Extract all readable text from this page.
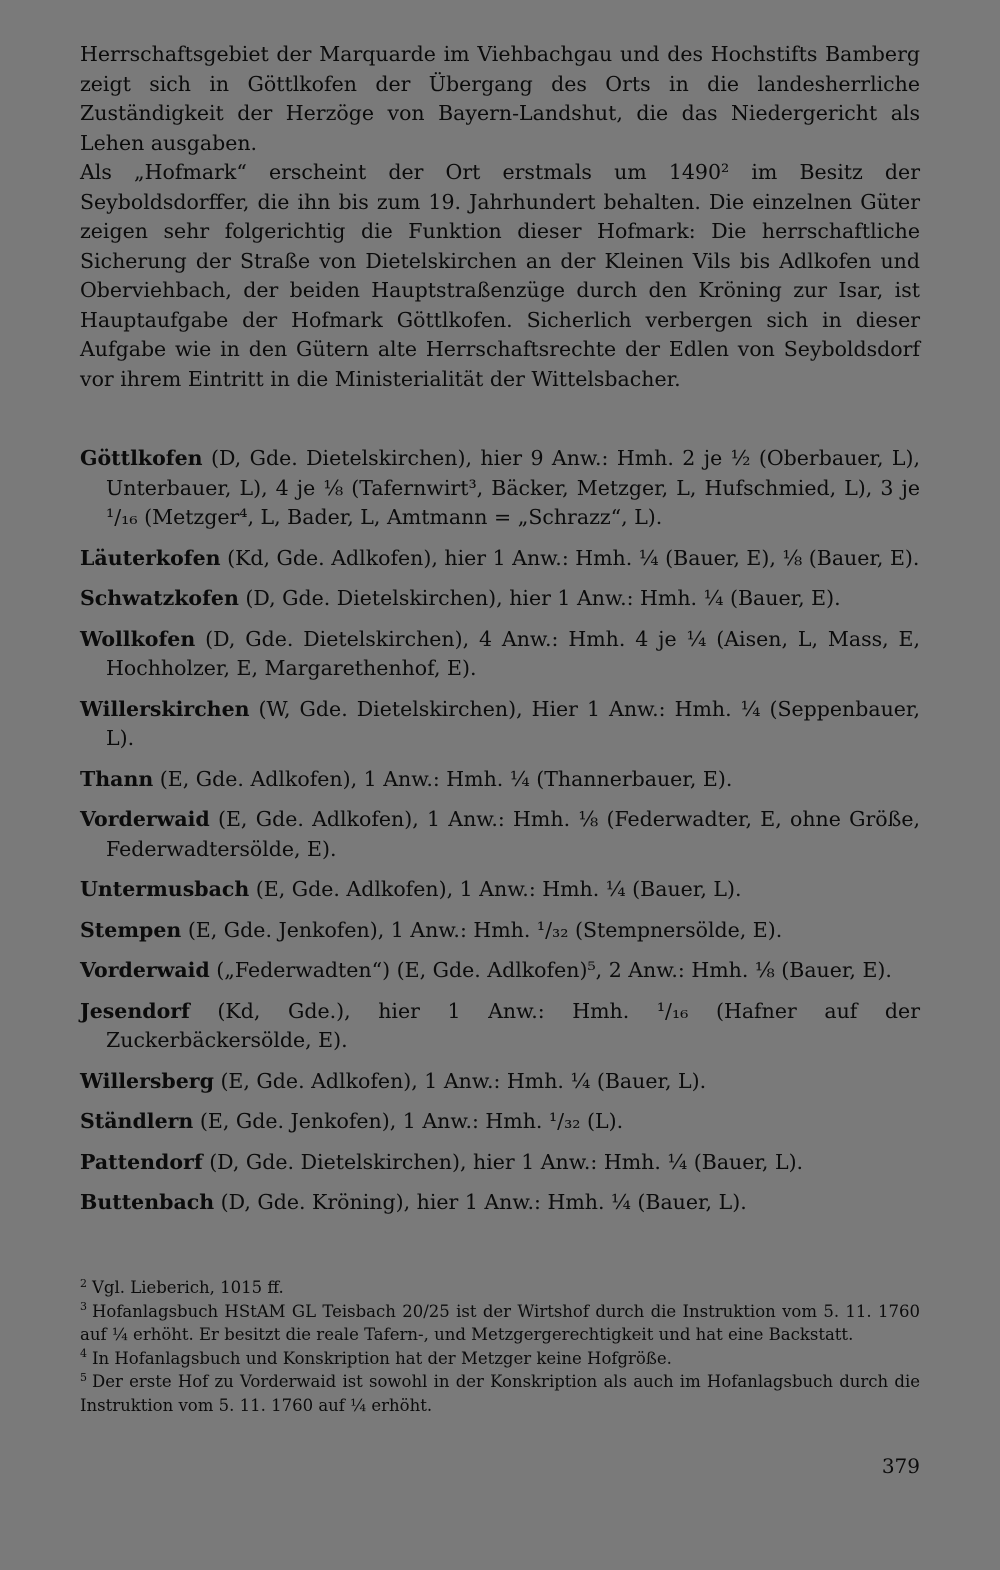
Herrschaftsgebiet der Marquarde im Viehbachgau und des Hochstifts Bamberg zeigt sich in Göttlkofen der Übergang des Orts in die landesherrliche Zuständigkeit der Herzöge von Bayern-Landshut, die das Niedergericht als Lehen ausgaben.

Als „Hofmark“ erscheint der Ort erstmals um 1490² im Besitz der Seyboldsdorffer, die ihn bis zum 19. Jahrhundert behalten. Die einzelnen Güter zeigen sehr folgerichtig die Funktion dieser Hofmark: Die herrschaftliche Sicherung der Straße von Dietelskirchen an der Kleinen Vils bis Adlkofen und Oberviehbach, der beiden Hauptstraßenzüge durch den Kröning zur Isar, ist Hauptaufgabe der Hofmark Göttlkofen. Sicherlich verbergen sich in dieser Aufgabe wie in den Gütern alte Herrschaftsrechte der Edlen von Seyboldsdorf vor ihrem Eintritt in die Ministerialität der Wittelsbacher.

Göttlkofen (D, Gde. Dietelskirchen), hier 9 Anw.: Hmh. 2 je ½ (Oberbauer, L), Unterbauer, L), 4 je ⅛ (Tafernwirt³, Bäcker, Metzger, L, Hufschmied, L), 3 je ¹/₁₆ (Metzger⁴, L, Bader, L, Amtmann = „Schrazz“, L).

Läuterkofen (Kd, Gde. Adlkofen), hier 1 Anw.: Hmh. ¼ (Bauer, E), ⅛ (Bauer, E).

Schwatzkofen (D, Gde. Dietelskirchen), hier 1 Anw.: Hmh. ¼ (Bauer, E).

Wollkofen (D, Gde. Dietelskirchen), 4 Anw.: Hmh. 4 je ¼ (Aisen, L, Mass, E, Hochholzer, E, Margarethenhof, E).

Willerskirchen (W, Gde. Dietelskirchen), Hier 1 Anw.: Hmh. ¼ (Seppenbauer, L).

Thann (E, Gde. Adlkofen), 1 Anw.: Hmh. ¼ (Thannerbauer, E).

Vorderwaid (E, Gde. Adlkofen), 1 Anw.: Hmh. ⅛ (Federwadter, E, ohne Größe, Federwadtersölde, E).

Untermusbach (E, Gde. Adlkofen), 1 Anw.: Hmh. ¼ (Bauer, L).

Stempen (E, Gde. Jenkofen), 1 Anw.: Hmh. ¹/₃₂ (Stempnersölde, E).

Vorderwaid („Federwadten“) (E, Gde. Adlkofen)⁵, 2 Anw.: Hmh. ⅛ (Bauer, E).

Jesendorf (Kd, Gde.), hier 1 Anw.: Hmh. ¹/₁₆ (Hafner auf der Zuckerbäckersölde, E).

Willersberg (E, Gde. Adlkofen), 1 Anw.: Hmh. ¼ (Bauer, L).

Ständlern (E, Gde. Jenkofen), 1 Anw.: Hmh. ¹/₃₂ (L).

Pattendorf (D, Gde. Dietelskirchen), hier 1 Anw.: Hmh. ¼ (Bauer, L).

Buttenbach (D, Gde. Kröning), hier 1 Anw.: Hmh. ¼ (Bauer, L).

$^2$ Vgl. Lieberich, 1015 ff.

$^3$ Hofanlagsbuch HStAM GL Teisbach 20/25 ist der Wirtshof durch die Instruktion vom 5. 11. 1760 auf ¼ erhöht. Er besitzt die reale Tafern-, und Metzgergerechtigkeit und hat eine Backstatt.

$^4$ In Hofanlagsbuch und Konskription hat der Metzger keine Hofgröße.

$^5$ Der erste Hof zu Vorderwaid ist sowohl in der Konskription als auch im Hofanlagsbuch durch die Instruktion vom 5. 11. 1760 auf ¼ erhöht.

379
